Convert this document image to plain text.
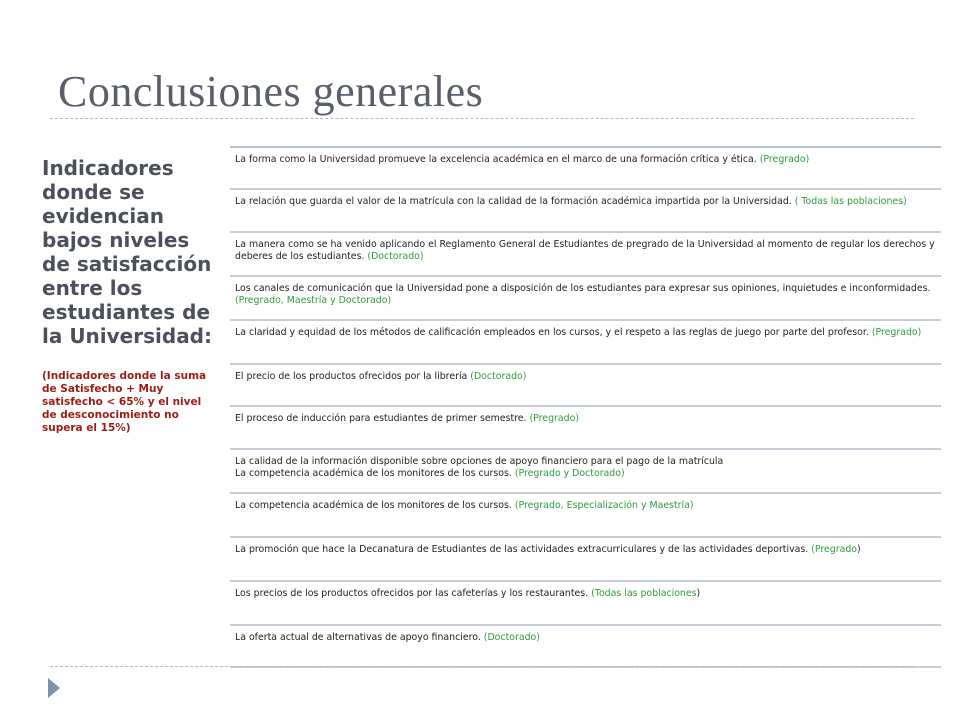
Conclusiones generales
Indicadores donde se evidencian bajos niveles de satisfacción entre los estudiantes de la Universidad:
(Indicadores donde la suma de Satisfecho + Muy satisfecho < 65% y el nivel de desconocimiento no supera el 15%)
La forma como la Universidad promueve la excelencia académica en el marco de una formación crítica y ética. (Pregrado)
La relación que guarda el valor de la matrícula con la calidad de la formación académica impartida por la Universidad. ( Todas las poblaciones)
La manera como se ha venido aplicando el Reglamento General de Estudiantes de pregrado de la Universidad al momento de regular los derechos y deberes de los estudiantes. (Doctorado)
Los canales de comunicación que la Universidad pone a disposición de los estudiantes para expresar sus opiniones, inquietudes e inconformidades. (Pregrado, Maestría y Doctorado)
La claridad y equidad de los métodos de calificación empleados en los cursos, y el respeto a las reglas de juego por parte del profesor. (Pregrado)
El precio de los productos ofrecidos por la librería (Doctorado)
El proceso de inducción para estudiantes de primer semestre. (Pregrado)
La calidad de la información disponible sobre opciones de apoyo financiero para el pago de la matrícula
La competencia académica de los monitores de los cursos. (Pregrado y Doctorado)
La competencia académica de los monitores de los cursos. (Pregrado, Especialización y Maestría)
La promoción que hace la Decanatura de Estudiantes de las actividades extracurriculares y de las actividades deportivas. (Pregrado)
Los precios de los productos ofrecidos por las cafeterías y los restaurantes. (Todas las poblaciones)
La oferta actual de alternativas de apoyo financiero. (Doctorado)
